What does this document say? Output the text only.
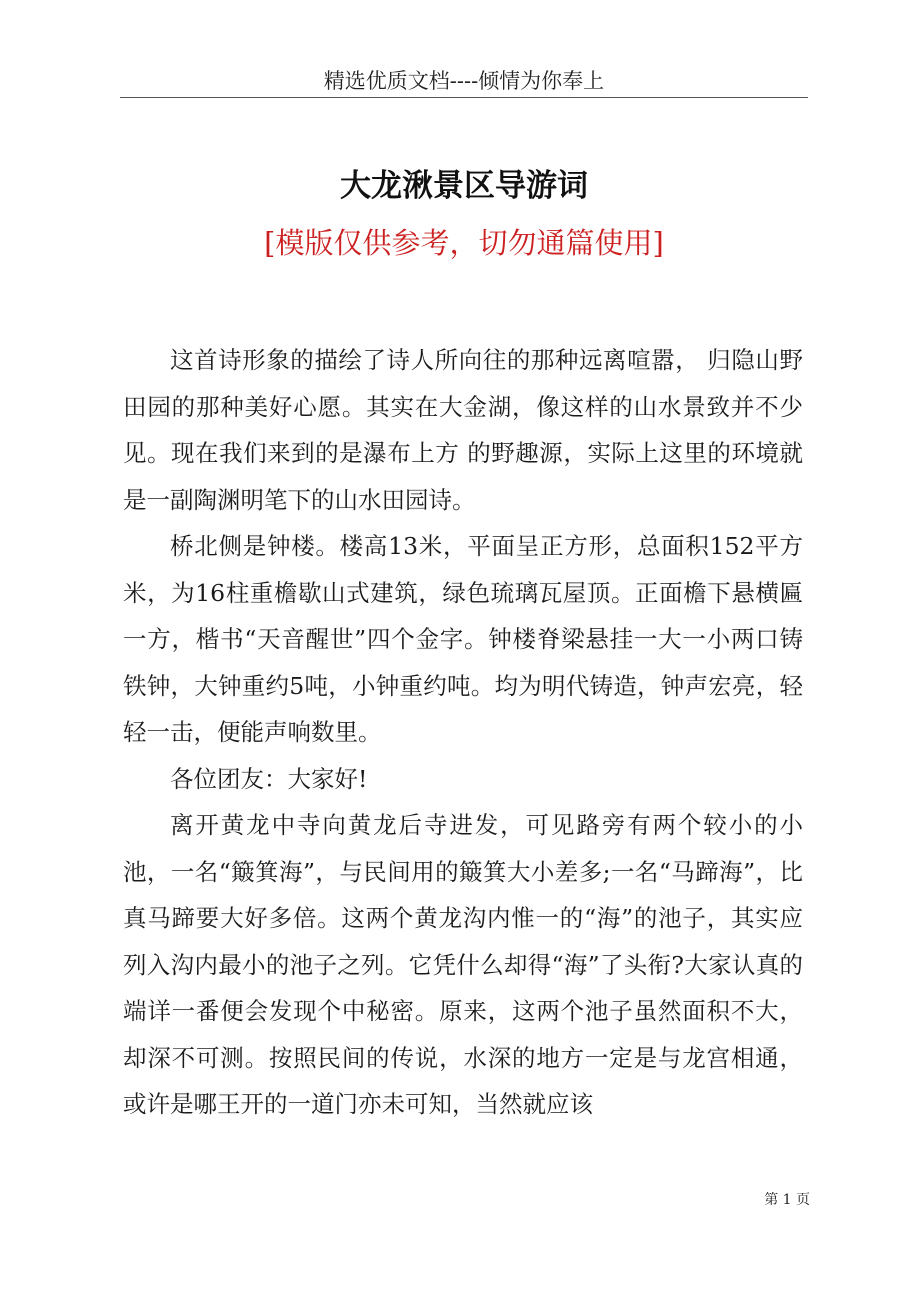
精选优质文档----倾情为你奉上
大龙湫景区导游词
[模版仅供参考，切勿通篇使用]

这首诗形象的描绘了诗人所向往的那种远离喧嚣， 归隐山野田园的那种美好心愿。其实在大金湖，像这样的山水景致并不少见。现在我们来到的是瀑布上方 的野趣源，实际上这里的环境就是一副陶渊明笔下的山水田园诗。

桥北侧是钟楼。楼高13米，平面呈正方形，总面积152平方米，为16柱重檐歇山式建筑，绿色琉璃瓦屋顶。正面檐下悬横匾一方，楷书“天音醒世”四个金字。钟楼脊梁悬挂一大一小两口铸铁钟，大钟重约5吨，小钟重约吨。均为明代铸造，钟声宏亮，轻轻一击，便能声响数里。

各位团友：大家好!

离开黄龙中寺向黄龙后寺进发，可见路旁有两个较小的小池，一名“簸箕海”，与民间用的簸箕大小差多;一名“马蹄海”，比真马蹄要大好多倍。这两个黄龙沟内惟一的“海”的池子，其实应列入沟内最小的池子之列。它凭什么却得“海”了头衔?大家认真的端详一番便会发现个中秘密。原来，这两个池子虽然面积不大，却深不可测。按照民间的传说，水深的地方一定是与龙宫相通，或许是哪王开的一道门亦未可知，当然就应该

第 1 页
